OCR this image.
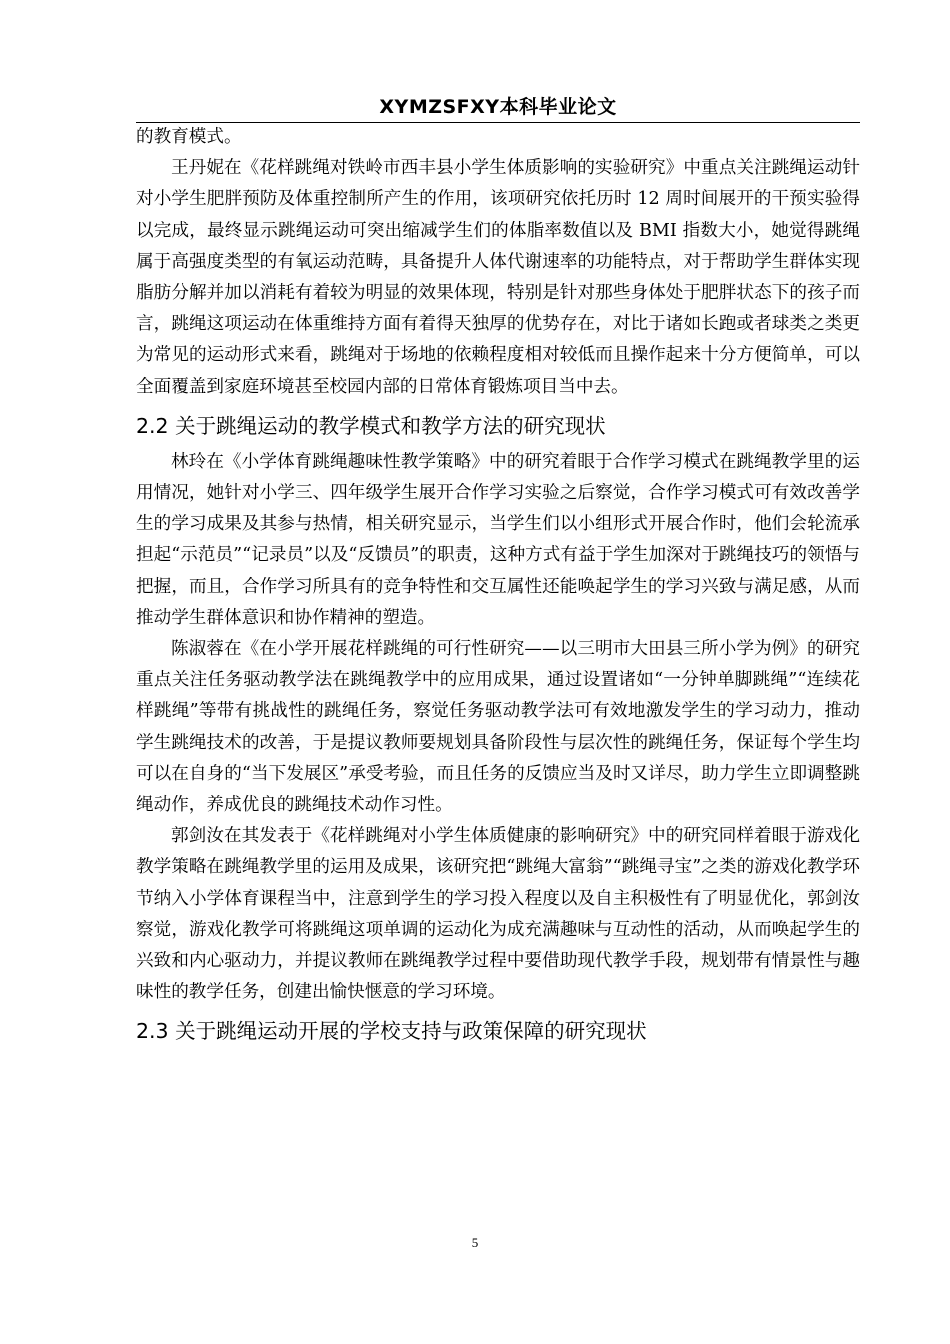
XYMZSFXY本科毕业论文

的教育模式。

王丹妮在《花样跳绳对铁岭市西丰县小学生体质影响的实验研究》中重点关注跳绳运动针对小学生肥胖预防及体重控制所产生的作用，该项研究依托历时 12 周时间展开的干预实验得以完成，最终显示跳绳运动可突出缩减学生们的体脂率数值以及 BMI 指数大小，她觉得跳绳属于高强度类型的有氧运动范畴，具备提升人体代谢速率的功能特点，对于帮助学生群体实现脂肪分解并加以消耗有着较为明显的效果体现，特别是针对那些身体处于肥胖状态下的孩子而言，跳绳这项运动在体重维持方面有着得天独厚的优势存在，对比于诸如长跑或者球类之类更为常见的运动形式来看，跳绳对于场地的依赖程度相对较低而且操作起来十分方便简单，可以全面覆盖到家庭环境甚至校园内部的日常体育锻炼项目当中去。

2.2 关于跳绳运动的教学模式和教学方法的研究现状

林玲在《小学体育跳绳趣味性教学策略》中的研究着眼于合作学习模式在跳绳教学里的运用情况，她针对小学三、四年级学生展开合作学习实验之后察觉，合作学习模式可有效改善学生的学习成果及其参与热情，相关研究显示，当学生们以小组形式开展合作时，他们会轮流承担起“示范员”“记录员”以及“反馈员”的职责，这种方式有益于学生加深对于跳绳技巧的领悟与把握，而且，合作学习所具有的竞争特性和交互属性还能唤起学生的学习兴致与满足感，从而推动学生群体意识和协作精神的塑造。

陈淑蓉在《在小学开展花样跳绳的可行性研究——以三明市大田县三所小学为例》的研究重点关注任务驱动教学法在跳绳教学中的应用成果，通过设置诸如“一分钟单脚跳绳”“连续花样跳绳”等带有挑战性的跳绳任务，察觉任务驱动教学法可有效地激发学生的学习动力，推动学生跳绳技术的改善，于是提议教师要规划具备阶段性与层次性的跳绳任务，保证每个学生均可以在自身的“当下发展区”承受考验，而且任务的反馈应当及时又详尽，助力学生立即调整跳绳动作，养成优良的跳绳技术动作习性。

郭剑汝在其发表于《花样跳绳对小学生体质健康的影响研究》中的研究同样着眼于游戏化教学策略在跳绳教学里的运用及成果，该研究把“跳绳大富翁”“跳绳寻宝”之类的游戏化教学环节纳入小学体育课程当中，注意到学生的学习投入程度以及自主积极性有了明显优化，郭剑汝察觉，游戏化教学可将跳绳这项单调的运动化为成充满趣味与互动性的活动，从而唤起学生的兴致和内心驱动力，并提议教师在跳绳教学过程中要借助现代教学手段，规划带有情景性与趣味性的教学任务，创建出愉快惬意的学习环境。

2.3 关于跳绳运动开展的学校支持与政策保障的研究现状
5
